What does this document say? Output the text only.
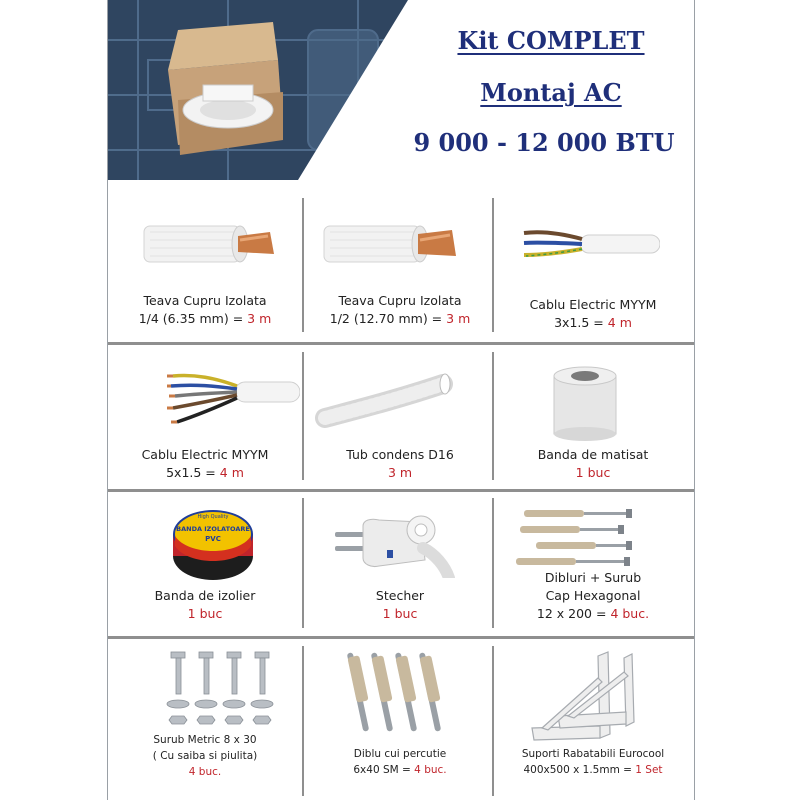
Kit COMPLET
Montaj AC
9 000 - 12 000 BTU
Teava Cupru Izolata
1/4 (6.35 mm) = 3 m
Teava Cupru Izolata
1/2 (12.70 mm) = 3 m
Cablu Electric MYYM
3x1.5 = 4 m
Cablu Electric MYYM
5x1.5 = 4 m
Tub condens D16
3 m
Banda de matisat
1 buc
High Quality
BANDA IZOLATOARE
PVC
Banda de izolier
1 buc
Stecher
1 buc
Dibluri + Surub
Cap Hexagonal
12 x 200 = 4 buc.
Surub Metric 8 x 30
( Cu saiba si piulita)
4 buc.
Diblu cui percutie
6x40 SM = 4 buc.
Suporti Rabatabili Eurocool
400x500 x 1.5mm = 1 Set
